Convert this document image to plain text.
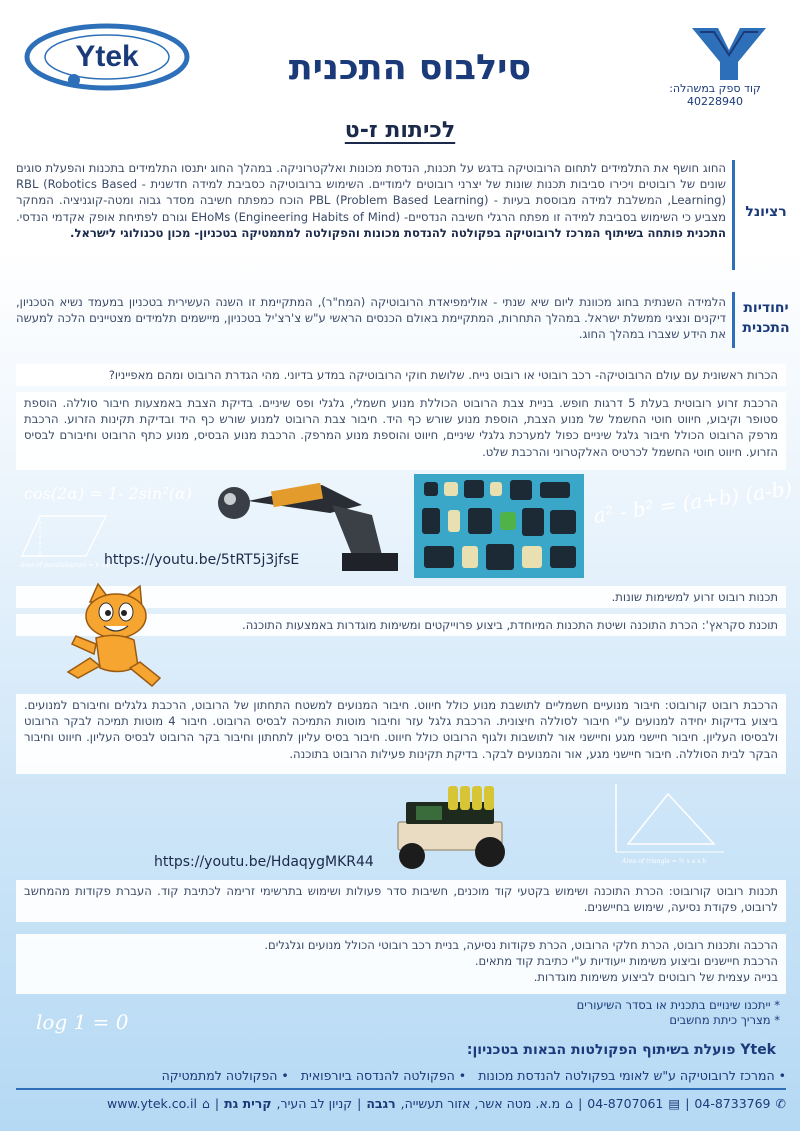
Ytek	סילבוס התכנית
קוד ספק במשהלה:
40228940
לכיתות ז-ט
רציונל
החוג חושף את התלמידים לתחום הרובוטיקה בדגש על תכנות, הנדסת מכונות ואלקטרוניקה. במהלך החוג יתנסו התלמידים בתכנות והפעלת סוגים שונים של רובוטים ויכירו סביבות תכנות שונות של יצרני רובוטים לימודיים. השימוש ברובוטיקה כסביבת למידה חדשנית - RBL (Robotics Based Learning), המשלבת למידה מבוססת בעיות - PBL (Problem Based Learning) הוכח כמפתח חשיבה מסדר גבוה ומטה-קוגניציה. המחקר מצביע כי השימוש בסביבת למידה זו מפתח הרגלי חשיבה הנדסיים- EHoMs (Engineering Habits of Mind) וגורם לפתיחת אופק אקדמי הנדסי. התכנית פותחה בשיתוף המרכז לרובוטיקה בפקולטה להנדסת מכונות והפקולטה למתמטיקה בטכניון- מכון טכנולוגי לישראל.
יחודיות התכנית
הלמידה השנתית בחוג מכוונת ליום שיא שנתי - אולימפיאדת הרובוטיקה (המח"ר), המתקיימת זו השנה העשירית בטכניון במעמד נשיא הטכניון, דיקנים ונציגי ממשלת ישראל. במהלך התחרות, המתקיימת באולם הכנסים הראשי ע"ש צ'רצ'יל בטכניון, מיישמים תלמידים מצטיינים הלכה למעשה את הידע שצברו במהלך החוג.
הכרות ראשונית עם עולם הרובוטיקה- רכב רובוטי או רובוט נייח. שלושת חוקי הרובוטיקה במדע בדיוני. מהי הגדרת הרובוט ומהם מאפייניו?
הרכבת זרוע רובוטית בעלת 5 דרגות חופש. בניית צבת הרובוט הכוללת מנוע חשמלי, גלגלי ופס שיניים. בדיקת הצבת באמצעות חיבור סוללה. הוספת סטופר וקיבוע, חיווט חוטי החשמל של מנוע הצבת, הוספת מנוע שורש כף היד. חיבור צבת הרובוט למנוע שורש כף היד ובדיקת תקינות הזרוע. הרכבת מרפק הרובוט הכולל חיבור גלגל שיניים כפול למערכת גלגלי שיניים, חיווט והוספת מנוע המרפק. הרכבת מנוע הבסיס, מנוע כתף הרובוט וחיבורם לבסיס הזרוע. חיווט חוטי החשמל לכרטיס האלקטרוני והרכבת שלט.
cos(2α) = 1- 2sin²(α)
Area of parallelogram = b x h
https://youtu.be/5tRT5j3jfsE
a² - b² = (a+b) (a-b)
תכנות רובוט זרוע למשימות שונות.
תוכנת סקראץ': הכרת התוכנה ושיטת התכנות המיוחדת, ביצוע פרוייקטים ומשימות מוגדרות באמצעות התוכנה.
הרכבת רובוט קורובוט: חיבור מנועיים חשמליים לתושבת מנוע כולל חיווט. חיבור המנועים למשטח התחתון של הרובוט, הרכבת גלגלים וחיבורם למנועים. ביצוע בדיקות יחידה למנועים ע"י חיבור לסוללה חיצונית. הרכבת גלגל עזר וחיבור מוטות התמיכה לבסיס הרובוט. חיבור 4 מוטות תמיכה לבקר הרובוט ולבסיסו העליון. חיבור חיישני מגע וחיישני אור לתושבות ולגוף הרובוט כולל חיווט. חיבור בסיס עליון לתחתון וחיבור בקר הרובוט לבסיס העליון. חיווט וחיבור הבקר לבית הסוללה. חיבור חיישני מגע, אור והמנועים לבקר. בדיקת תקינות פעילות הרובוט בתוכנה.
https://youtu.be/HdaqygMKR44	Area of triangle = ½ x a x b
תכנות רובוט קורובוט: הכרת התוכנה ושימוש בקטעי קוד מוכנים, חשיבות סדר פעולות ושימוש בתרשימי זרימה לכתיבת קוד. העברת פקודות מהמחשב לרובוט, פקודת נסיעה, שימוש בחיישנים.
הרכבה ותכנות רובוט, הכרת חלקי הרובוט, הכרת פקודות נסיעה, בניית רכב רובוטי הכולל מנועים וגלגלים.
הרכבת חיישנים וביצוע משימות ייעודיות ע"י כתיבת קוד מתאים.
בנייה עצמית של רובוטים לביצוע משימות מוגדרות.
* ייתכנו שינויים בתכנית או בסדר השיעורים
* מצריך כיתת מחשבים
log 1 = 0
Ytek פועלת בשיתוף הפקולטות הבאות בטכניון:
• המרכז לרובוטיקה ע"ש לאומי בפקולטה להנדסת מכונות
• הפקולטה להנדסה ביורפואית
• הפקולטה למתמטיקה
✆
04-8733769
|
▤
04-8707061
|
⌂
מ.א. מטה אשר, אזור תעשייה,
רגבה
|
קניון לב העיר,
קרית גת
|
⌂
www.ytek.co.il
